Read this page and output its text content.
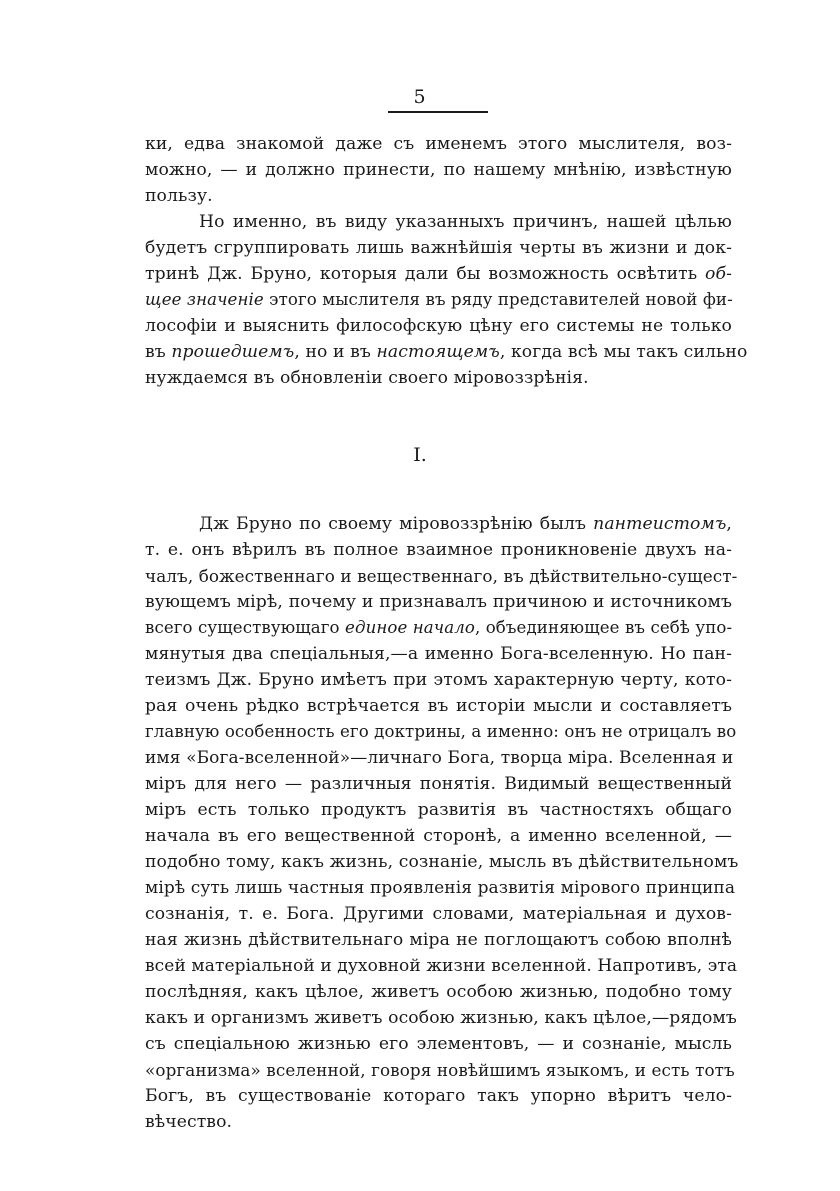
5
ки, едва знакомой даже съ именемъ этого мыслителя, воз-
можно, — и должно принести, по нашему мнѣнію, извѣстную
пользу.
Но именно, въ виду указанныхъ причинъ, нашей цѣлью
будетъ сгруппировать лишь важнѣйшія черты въ жизни и док-
тринѣ Дж. Бруно, которыя дали бы возможность освѣтить об-
щее значеніе этого мыслителя въ ряду представителей новой фи-
лософіи и выяснить философскую цѣну его системы не только
въ прошедшемъ, но и въ настоящемъ, когда всѣ мы такъ сильно
нуждаемся въ обновленіи своего міровоззрѣнія.
I.
Дж Бруно по своему міровоззрѣнію былъ пантеистомъ,
т. е. онъ вѣрилъ въ полное взаимное проникновеніе двухъ на-
чалъ, божественнаго и вещественнаго, въ дѣйствительно-сущест-
вующемъ мірѣ, почему и признавалъ причиною и источникомъ
всего существующаго единое начало, объединяющее въ себѣ упо-
мянутыя два спеціальныя,—а именно Бога-вселенную. Но пан-
теизмъ Дж. Бруно имѣетъ при этомъ характерную черту, кото-
рая очень рѣдко встрѣчается въ исторіи мысли и составляетъ
главную особенность его доктрины, а именно: онъ не отрицалъ во
имя «Бога-вселенной»—личнаго Бога, творца міра. Вселенная и
міръ для него — различныя понятія. Видимый вещественный
міръ есть только продуктъ развитія въ частностяхъ общаго
начала въ его вещественной сторонѣ, а именно вселенной, —
подобно тому, какъ жизнь, сознаніе, мысль въ дѣйствительномъ
мірѣ суть лишь частныя проявленія развитія мірового принципа
сознанія, т. е. Бога. Другими словами, матеріальная и духов-
ная жизнь дѣйствительнаго міра не поглощаютъ собою вполнѣ
всей матеріальной и духовной жизни вселенной. Напротивъ, эта
послѣдняя, какъ цѣлое, живетъ особою жизнью, подобно тому
какъ и организмъ живетъ особою жизнью, какъ цѣлое,—рядомъ
съ спеціальною жизнью его элементовъ, — и сознаніе, мысль
«организма» вселенной, говоря новѣйшимъ языкомъ, и есть тотъ
Богъ, въ существованіе котораго такъ упорно вѣритъ чело-
вѣчество.
